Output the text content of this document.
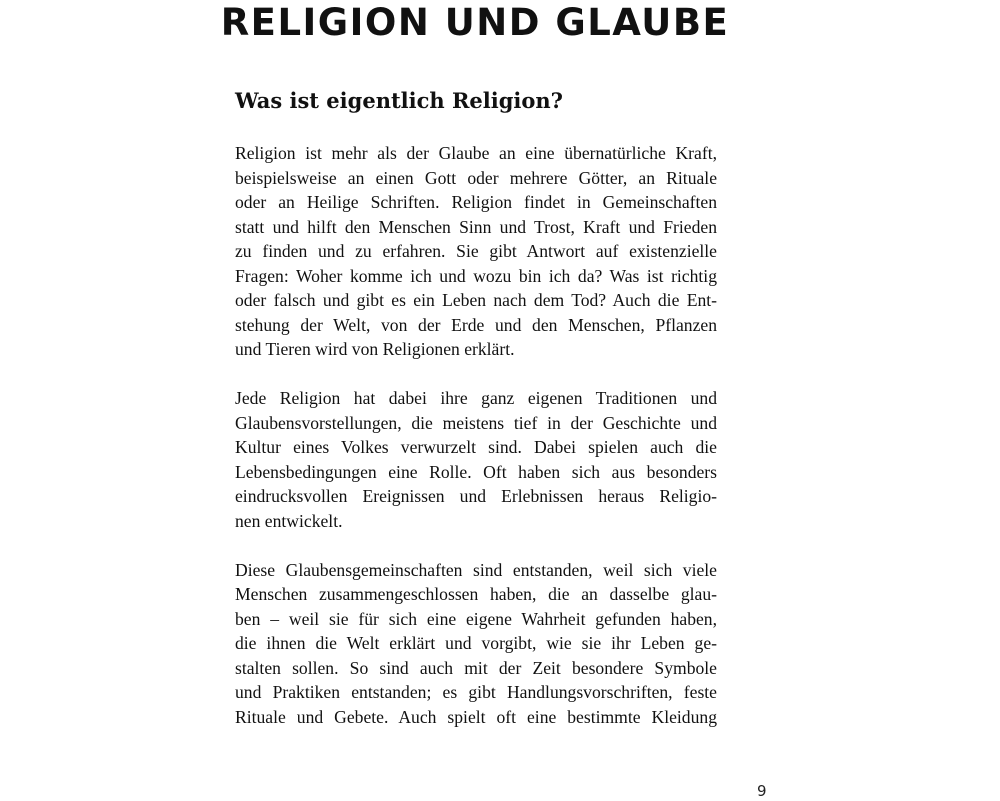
RELIGION UND GLAUBE
Was ist eigentlich Religion?
Religion ist mehr als der Glaube an eine übernatürliche Kraft,
beispielsweise an einen Gott oder mehrere Götter, an Rituale
oder an Heilige Schriften. Religion findet in Gemeinschaften
statt und hilft den Menschen Sinn und Trost, Kraft und Frieden
zu finden und zu erfahren. Sie gibt Antwort auf existenzielle
Fragen: Woher komme ich und wozu bin ich da? Was ist richtig
oder falsch und gibt es ein Leben nach dem Tod? Auch die Ent-
stehung der Welt, von der Erde und den Menschen, Pflanzen
und Tieren wird von Religionen erklärt.
Jede Religion hat dabei ihre ganz eigenen Traditionen und
Glaubensvorstellungen, die meistens tief in der Geschichte und
Kultur eines Volkes verwurzelt sind. Dabei spielen auch die
Lebensbedingungen eine Rolle. Oft haben sich aus besonders
eindrucksvollen Ereignissen und Erlebnissen heraus Religio-
nen entwickelt.
Diese Glaubensgemeinschaften sind entstanden, weil sich viele
Menschen zusammengeschlossen haben, die an dasselbe glau-
ben – weil sie für sich eine eigene Wahrheit gefunden haben,
die ihnen die Welt erklärt und vorgibt, wie sie ihr Leben ge-
stalten sollen. So sind auch mit der Zeit besondere Symbole
und Praktiken entstanden; es gibt Handlungsvorschriften, feste
Rituale und Gebete. Auch spielt oft eine bestimmte Kleidung
9
